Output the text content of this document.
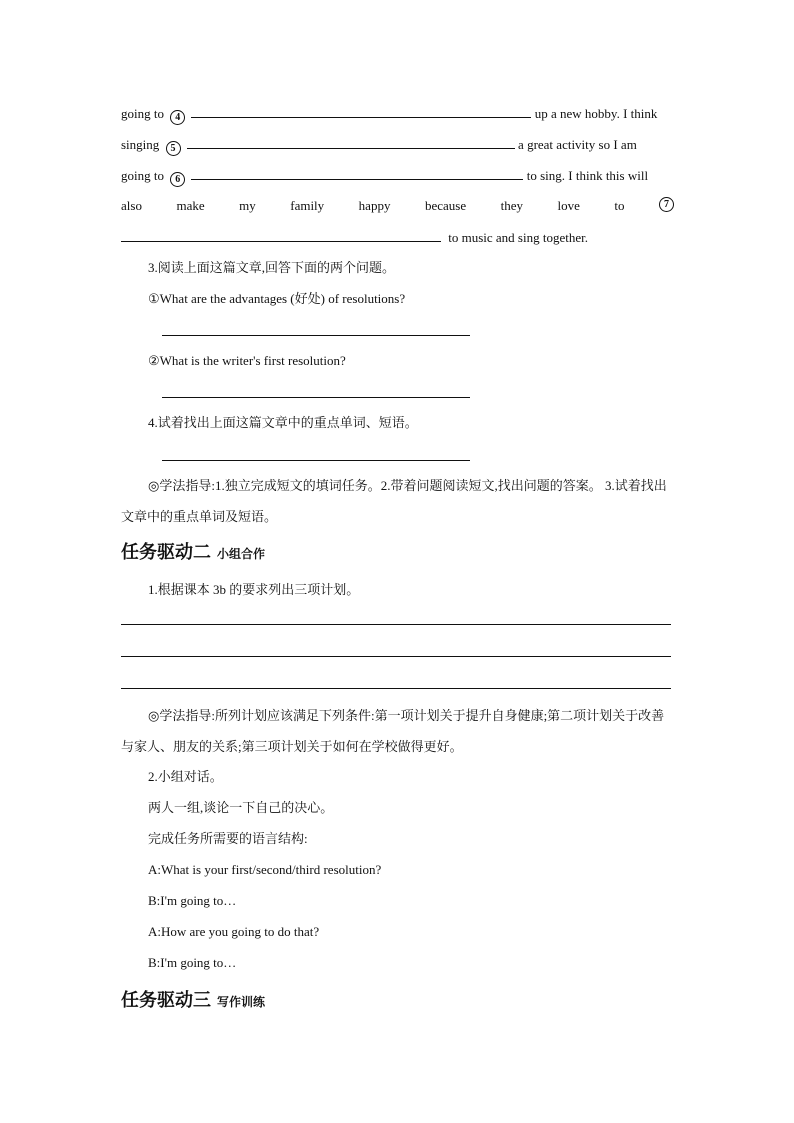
going to 4	up a new hobby. I think
singing 5	a great activity so I am
going to 6	to sing. I think this will
also	make	my	family	happy	because	they	love	to	7
to music and sing together.
3.阅读上面这篇文章,回答下面的两个问题。
①What are the advantages (好处) of resolutions?
②What is the writer's first resolution?
4.试着找出上面这篇文章中的重点单词、短语。
◎学法指导:1.独立完成短文的填词任务。2.带着问题阅读短文,找出问题的答案。 3.试着找出文章中的重点单词及短语。
任务驱动二 小组合作
1.根据课本 3b 的要求列出三项计划。
◎学法指导:所列计划应该满足下列条件:第一项计划关于提升自身健康;第二项计划关于改善与家人、朋友的关系;第三项计划关于如何在学校做得更好。
2.小组对话。
两人一组,谈论一下自己的决心。
完成任务所需要的语言结构:
A:What is your first/second/third resolution?
B:I'm going to…
A:How are you going to do that?
B:I'm going to…
任务驱动三 写作训练
